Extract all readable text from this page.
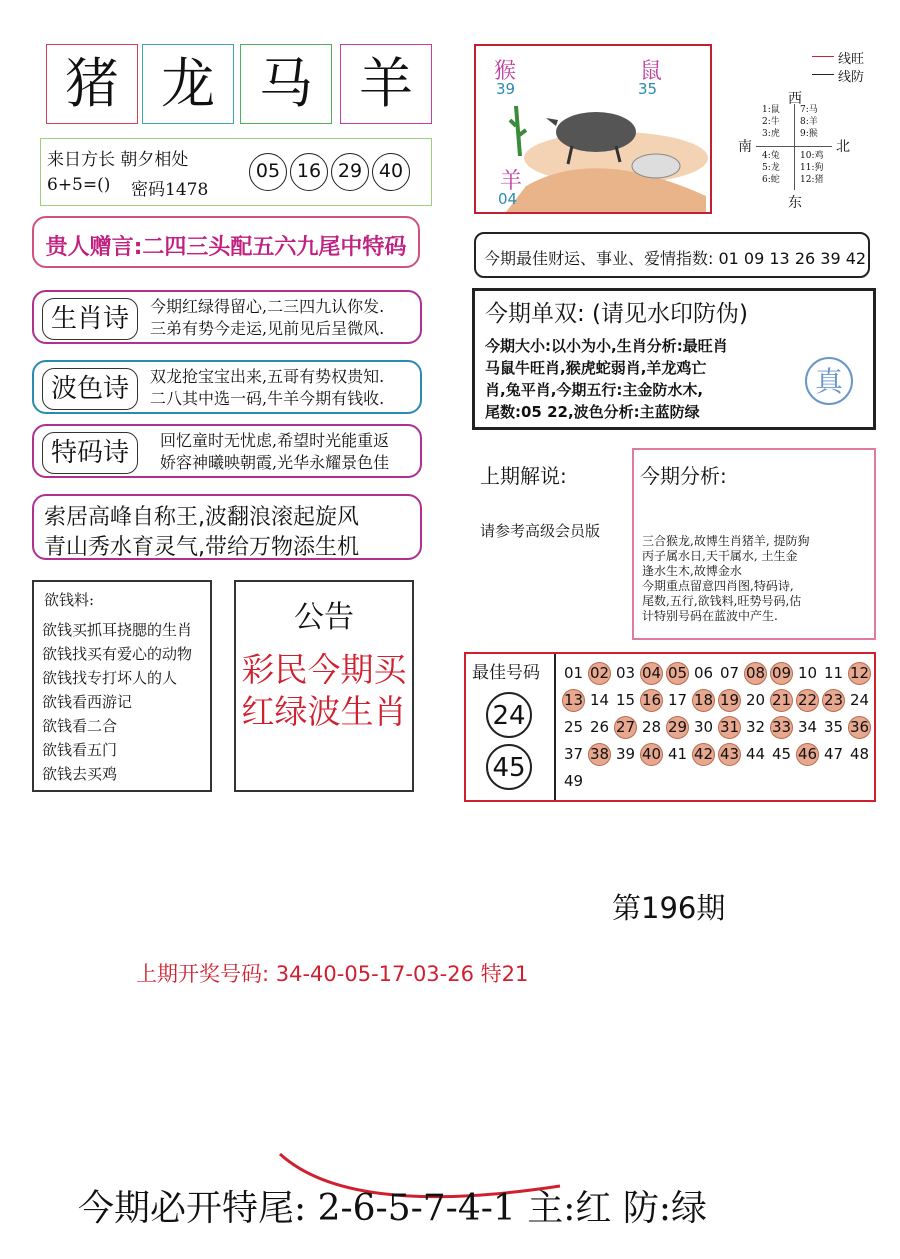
猪 龙 马 羊
来日方长 朝夕相处
6+5=() 密码1478
05 16 29 40
贵人赠言:二四三头配五六九尾中特码
生肖诗	今期红绿得留心,二三四九认你发.
三弟有势今走运,见前见后呈微风.
波色诗	双龙抢宝宝出来,五哥有势权贵知.
二八其中选一码,牛羊今期有钱收.
特码诗	回忆童时无忧虑,希望时光能重返
娇容神曦映朝霞,光华永耀景色佳
索居高峰自称王,波翻浪滚起旋风
青山秀水育灵气,带给万物添生机
欲钱料:
欲钱买抓耳挠腮的生肖
欲钱找买有爱心的动物
欲钱找专打坏人的人
欲钱看西游记
欲钱看二合
欲钱看五门
欲钱去买鸡
公告
彩民今期买
红绿波生肖
猴
39
鼠
35
羊
04
线旺
线防
西
南	北
东
1:鼠
2:牛
3:虎
7:马
8:羊
9:猴
4:兔
5:龙
6:蛇
10:鸡
11:狗
12:猪
今期最佳财运、事业、爱情指数: 01 09 13 26 39 42
今期单双: (请见水印防伪)
真
今期大小:以小为小,生肖分析:最旺肖
马鼠牛旺肖,猴虎蛇弱肖,羊龙鸡亡
肖,兔平肖,今期五行:主金防水木,
尾数:05 22,波色分析:主蓝防绿
上期解说:
请参考高级会员版
今期分析:
三合猴龙,故博生肖猪羊, 提防狗
丙子属水日,天干属水, 土生金
逢水生木,故博金水
今期重点留意四肖图,特码诗,
尾数,五行,欲钱料,旺势号码,估
计特别号码在蓝波中产生.
最佳号码
24
45
01 02 03 04 05 06 07 08 09 10 11 12
13 14 15 16 17 18 19 20 21 22 23 24
25 26 27 28 29 30 31 32 33 34 35 36
37 38 39 40 41 42 43 44 45 46 47 48
49
第196期
上期开奖号码: 34-40-05-17-03-26 特21
今期必开特尾: 2-6-5-7-4-1 主:红 防:绿
